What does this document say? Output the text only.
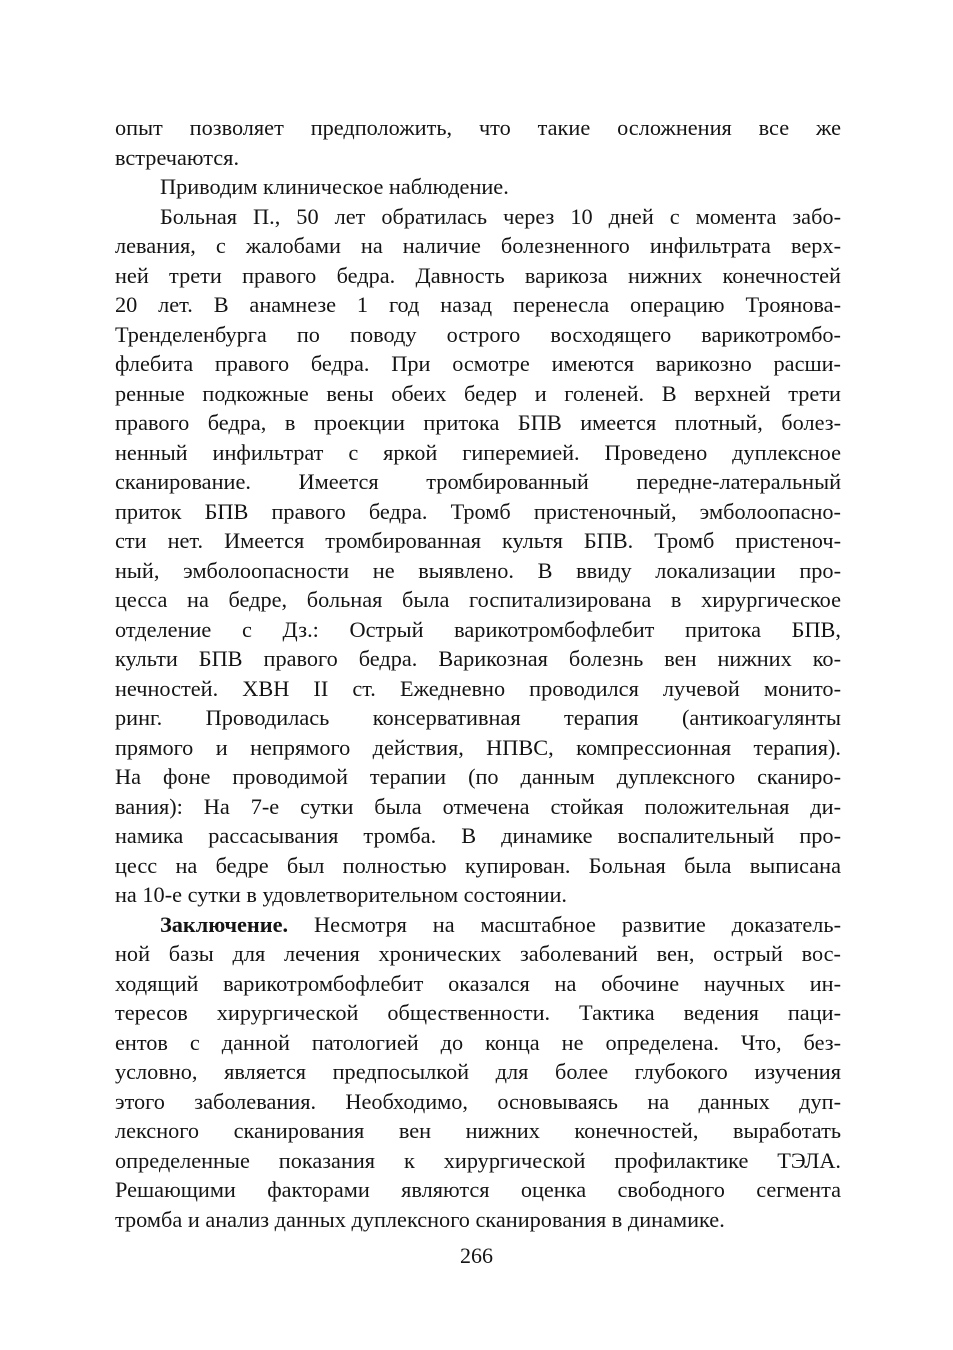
опыт позволяет предположить, что такие осложнения все же
встречаются.
Приводим клиническое наблюдение.
Больная П., 50 лет обратилась через 10 дней с момента забо-
левания, с жалобами на наличие болезненного инфильтрата верх-
ней трети правого бедра. Давность варикоза нижних конечностей
20 лет. В анамнезе 1 год назад перенесла операцию Троянова-
Тренделенбурга по поводу острого восходящего варикотромбо-
флебита правого бедра. При осмотре имеются варикозно расши-
ренные подкожные вены обеих бедер и голеней. В верхней трети
правого бедра, в проекции притока БПВ имеется плотный, болез-
ненный инфильтрат с яркой гиперемией. Проведено дуплексное
сканирование. Имеется тромбированный передне-латеральный
приток БПВ правого бедра. Тромб пристеночный, эмболоопасно-
сти нет. Имеется тромбированная культя БПВ. Тромб пристеноч-
ный, эмболоопасности не выявлено. В ввиду локализации про-
цесса на бедре, больная была госпитализирована в хирургическое
отделение с Дз.: Острый варикотромбофлебит притока БПВ,
культи БПВ правого бедра. Варикозная болезнь вен нижних ко-
нечностей. ХВН II ст. Ежедневно проводился лучевой монито-
ринг. Проводилась консервативная терапия (антикоагулянты
прямого и непрямого действия, НПВС, компрессионная терапия).
На фоне проводимой терапии (по данным дуплексного сканиро-
вания): На 7-е сутки была отмечена стойкая положительная ди-
намика рассасывания тромба. В динамике воспалительный про-
цесс на бедре был полностью купирован. Больная была выписана
на 10-е сутки в удовлетворительном состоянии.
Заключение. Несмотря на масштабное развитие доказатель-
ной базы для лечения хронических заболеваний вен, острый вос-
ходящий варикотромбофлебит оказался на обочине научных ин-
тересов хирургической общественности. Тактика ведения паци-
ентов с данной патологией до конца не определена. Что, без-
условно, является предпосылкой для более глубокого изучения
этого заболевания. Необходимо, основываясь на данных дуп-
лексного сканирования вен нижних конечностей, выработать
определенные показания к хирургической профилактике ТЭЛА.
Решающими факторами являются оценка свободного сегмента
тромба и анализ данных дуплексного сканирования в динамике.
266
